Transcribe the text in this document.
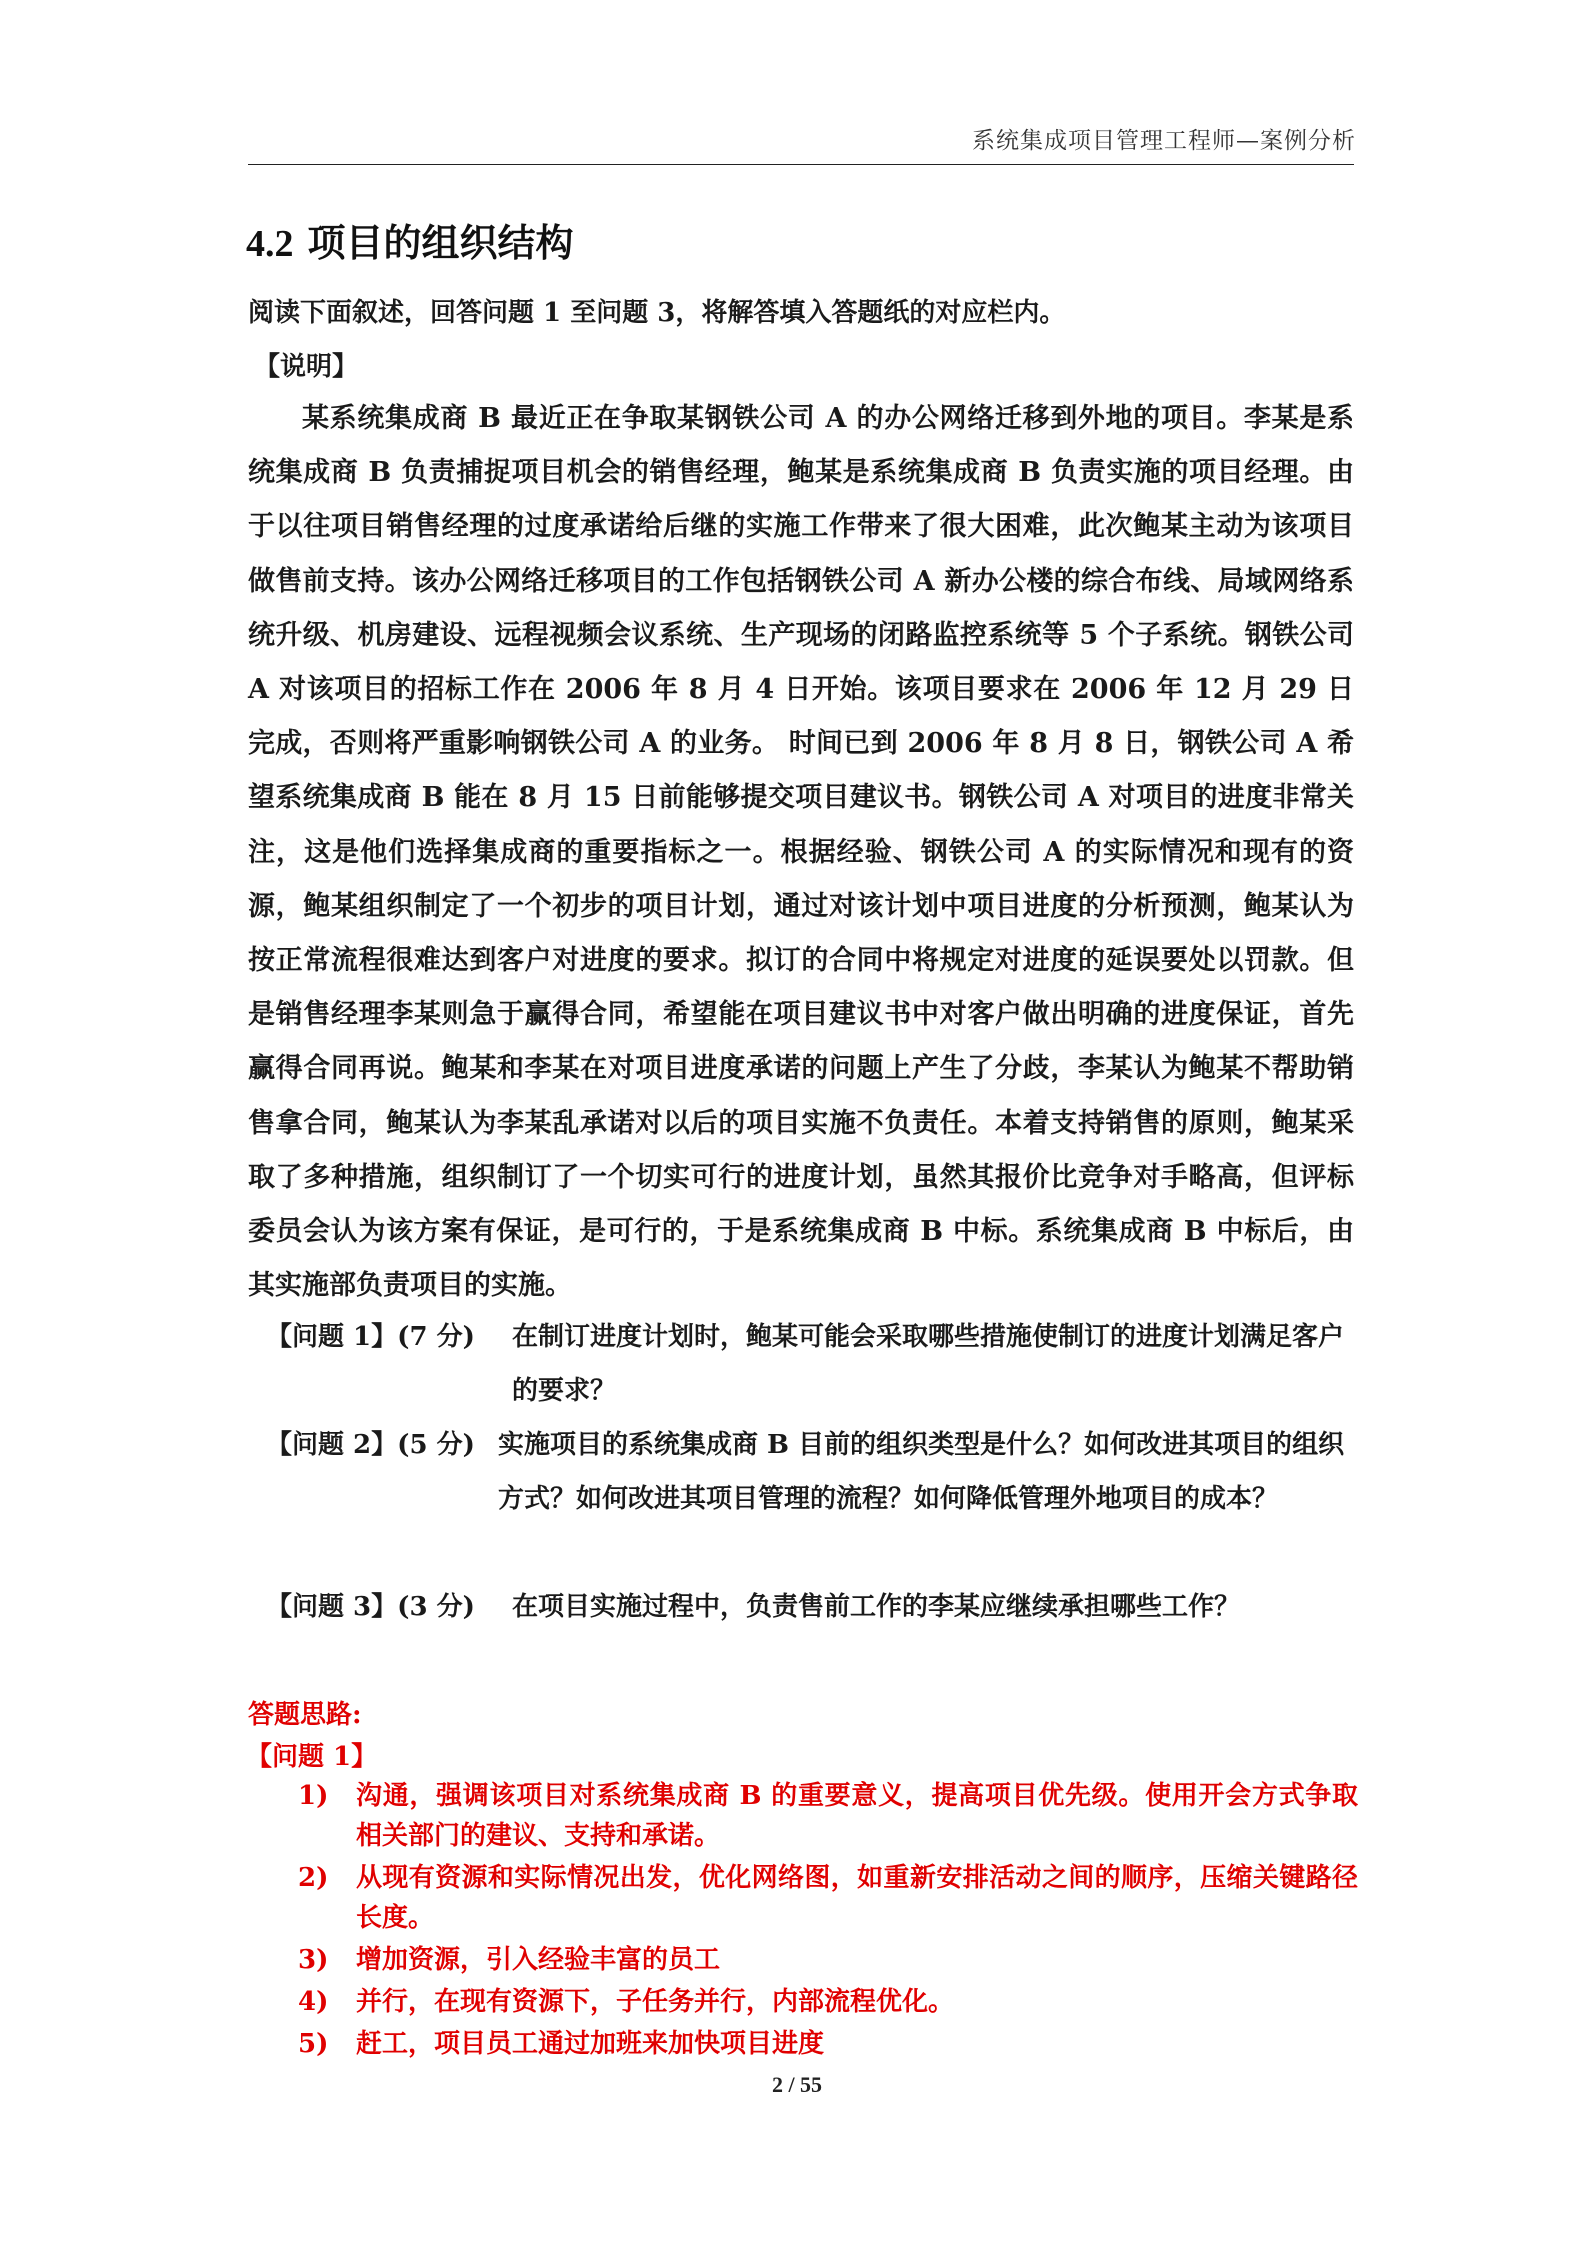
系统集成项目管理工程师—案例分析
4.2 项目的组织结构
阅读下面叙述，回答问题 1 至问题 3，将解答填入答题纸的对应栏内。
【说明】

某系统集成商 B 最近正在争取某钢铁公司 A 的办公网络迁移到外地的项目。李某是系统集成商 B 负责捕捉项目机会的销售经理，鲍某是系统集成商 B 负责实施的项目经理。由于以往项目销售经理的过度承诺给后继的实施工作带来了很大困难，此次鲍某主动为该项目做售前支持。该办公网络迁移项目的工作包括钢铁公司 A 新办公楼的综合布线、局域网络系统升级、机房建设、远程视频会议系统、生产现场的闭路监控系统等 5 个子系统。钢铁公司 A 对该项目的招标工作在 2006 年 8 月 4 日开始。该项目要求在 2006 年 12 月 29 日完成，否则将严重影响钢铁公司 A 的业务。 时间已到 2006 年 8 月 8 日，钢铁公司 A 希望系统集成商 B 能在 8 月 15 日前能够提交项目建议书。钢铁公司 A 对项目的进度非常关注，这是他们选择集成商的重要指标之一。根据经验、钢铁公司 A 的实际情况和现有的资源，鲍某组织制定了一个初步的项目计划，通过对该计划中项目进度的分析预测，鲍某认为按正常流程很难达到客户对进度的要求。拟订的合同中将规定对进度的延误要处以罚款。但是销售经理李某则急于赢得合同，希望能在项目建议书中对客户做出明确的进度保证，首先赢得合同再说。鲍某和李某在对项目进度承诺的问题上产生了分歧，李某认为鲍某不帮助销售拿合同，鲍某认为李某乱承诺对以后的项目实施不负责任。本着支持销售的原则，鲍某采取了多种措施，组织制订了一个切实可行的进度计划，虽然其报价比竞争对手略高，但评标委员会认为该方案有保证，是可行的，于是系统集成商 B 中标。系统集成商 B 中标后，由其实施部负责项目的实施。

【问题 1】(7 分)	在制订进度计划时，鲍某可能会采取哪些措施使制订的进度计划满足客户的要求？
【问题 2】(5 分) 实施项目的系统集成商 B 目前的组织类型是什么？如何改进其项目的组织方式？如何改进其项目管理的流程？如何降低管理外地项目的成本？
【问题 3】(3 分)	在项目实施过程中，负责售前工作的李某应继续承担哪些工作？
答题思路:
【问题 1】
1)	沟通，强调该项目对系统集成商 B 的重要意义，提高项目优先级。使用开会方式争取相关部门的建议、支持和承诺。
2)	从现有资源和实际情况出发，优化网络图，如重新安排活动之间的顺序，压缩关键路径长度。
3)	增加资源，引入经验丰富的员工
4)	并行，在现有资源下，子任务并行，内部流程优化。
5)	赶工，项目员工通过加班来加快项目进度
2 / 55
